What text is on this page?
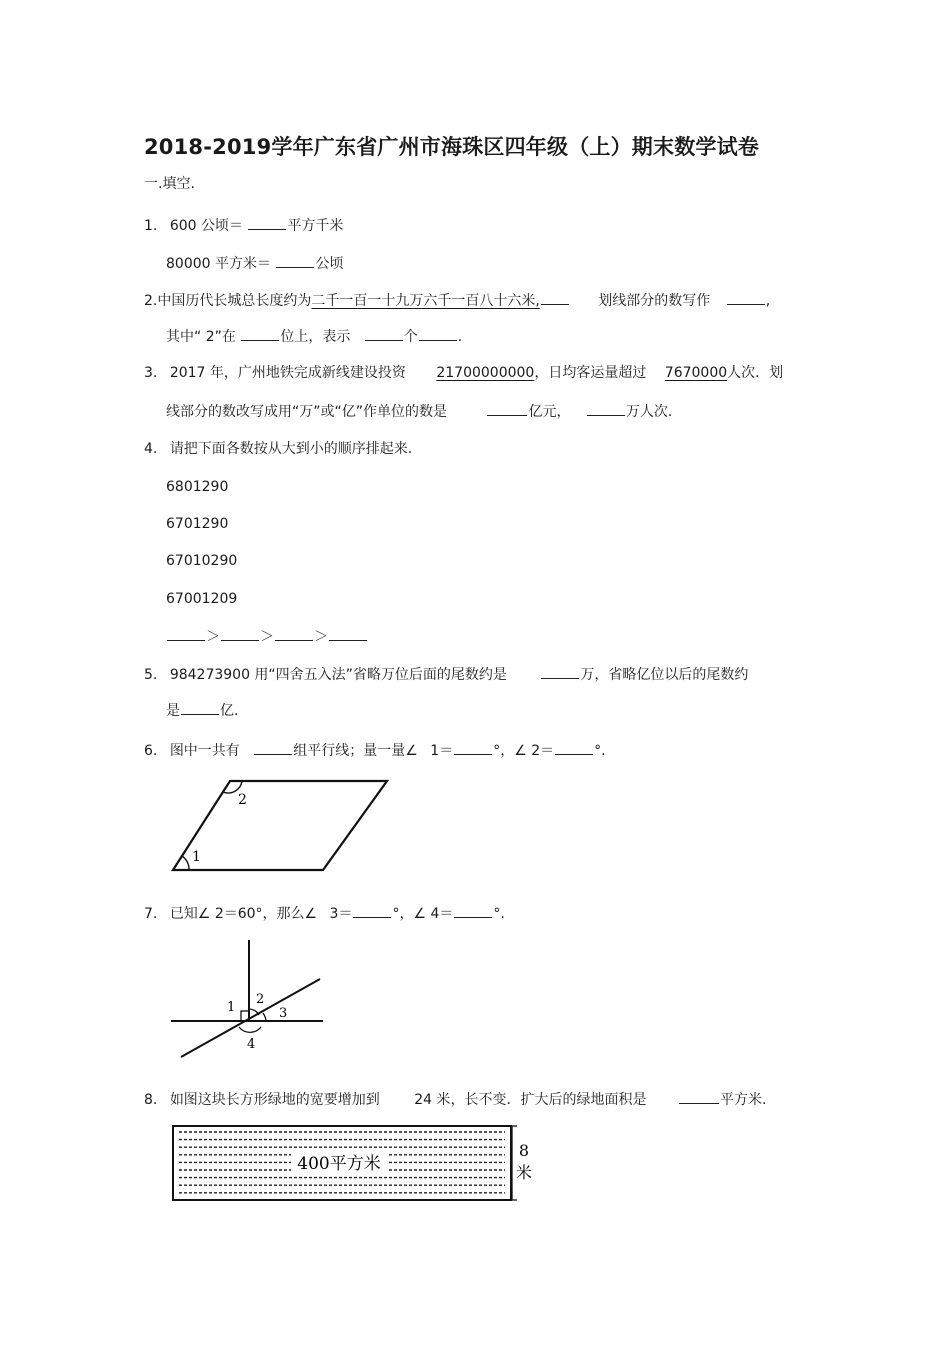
2018-2019学年广东省广州市海珠区四年级（上）期末数学试卷
一.填空.
1. 600 公顷＝	平方千米
80000 平方米＝	公顷
2.中国历代长城总长度约为二千一百一十九万六千一百八十六米,	划线部分的数写作	,
其中“ 2”在	位上，表示	个	.
3. 2017 年，广州地铁完成新线建设投资 21700000000，日均客运量超过 7670000人次．划
线部分的数改写成用“万”或“亿”作单位的数是	亿元，	万人次.
4. 请把下面各数按从大到小的顺序排起来.
6801290
6701290
67010290
67001209
＞	＞	＞
5. 984273900 用“四舍五入法”省略万位后面的尾数约是	万，省略亿位以后的尾数约
是	亿.
6. 图中一共有	组平行线；量一量∠ 1＝	°，∠ 2＝	°.
1
2
7. 已知∠ 2＝60°，那么∠ 3＝	°，∠ 4＝	°.
1
2
3
4
8. 如图这块长方形绿地的宽要增加到 24 米，长不变．扩大后的绿地面积是	平方米.
400平方米
8
米
